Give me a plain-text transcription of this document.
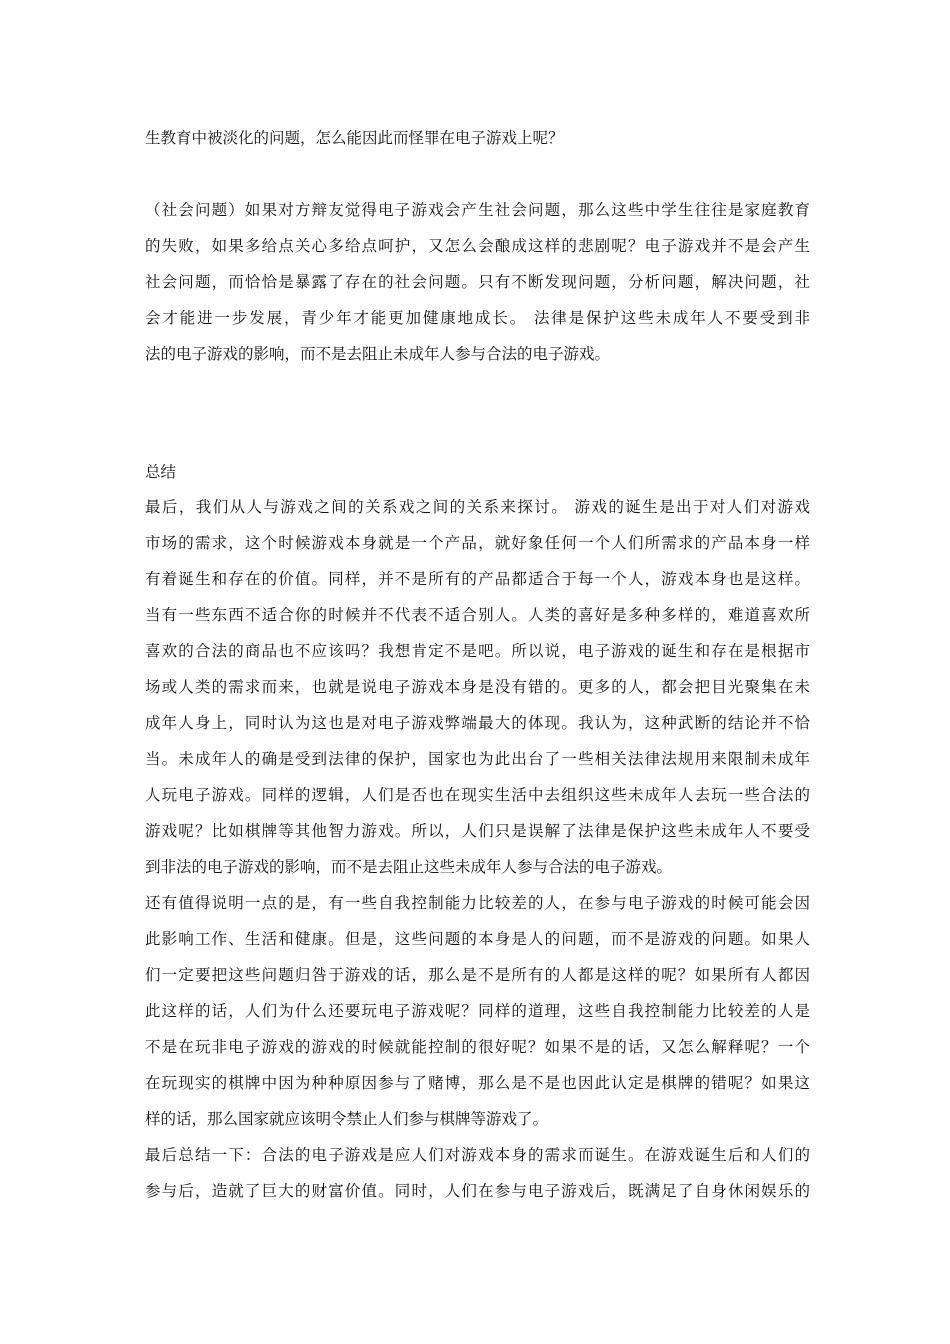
生教育中被淡化的问题，怎么能因此而怪罪在电子游戏上呢？
（社会问题）如果对方辩友觉得电子游戏会产生社会问题，那么这些中学生往往是家庭教育
的失败，如果多给点关心多给点呵护，又怎么会酿成这样的悲剧呢？电子游戏并不是会产生
社会问题，而恰恰是暴露了存在的社会问题。只有不断发现问题，分析问题，解决问题，社
会才能进一步发展，青少年才能更加健康地成长。 法律是保护这些未成年人不要受到非
法的电子游戏的影响，而不是去阻止未成年人参与合法的电子游戏。
总结
最后，我们从人与游戏之间的关系戏之间的关系来探讨。 游戏的诞生是出于对人们对游戏
市场的需求，这个时候游戏本身就是一个产品，就好象任何一个人们所需求的产品本身一样
有着诞生和存在的价值。同样，并不是所有的产品都适合于每一个人，游戏本身也是这样。
当有一些东西不适合你的时候并不代表不适合别人。人类的喜好是多种多样的，难道喜欢所
喜欢的合法的商品也不应该吗？我想肯定不是吧。所以说，电子游戏的诞生和存在是根据市
场或人类的需求而来，也就是说电子游戏本身是没有错的。更多的人，都会把目光聚集在未
成年人身上，同时认为这也是对电子游戏弊端最大的体现。我认为，这种武断的结论并不恰
当。未成年人的确是受到法律的保护，国家也为此出台了一些相关法律法规用来限制未成年
人玩电子游戏。同样的逻辑，人们是否也在现实生活中去组织这些未成年人去玩一些合法的
游戏呢？比如棋牌等其他智力游戏。所以，人们只是误解了法律是保护这些未成年人不要受
到非法的电子游戏的影响，而不是去阻止这些未成年人参与合法的电子游戏。
还有值得说明一点的是，有一些自我控制能力比较差的人，在参与电子游戏的时候可能会因
此影响工作、生活和健康。但是，这些问题的本身是人的问题，而不是游戏的问题。如果人
们一定要把这些问题归咎于游戏的话，那么是不是所有的人都是这样的呢？如果所有人都因
此这样的话，人们为什么还要玩电子游戏呢？同样的道理，这些自我控制能力比较差的人是
不是在玩非电子游戏的游戏的时候就能控制的很好呢？如果不是的话，又怎么解释呢？一个
在玩现实的棋牌中因为种种原因参与了赌博，那么是不是也因此认定是棋牌的错呢？如果这
样的话，那么国家就应该明令禁止人们参与棋牌等游戏了。
最后总结一下：合法的电子游戏是应人们对游戏本身的需求而诞生。在游戏诞生后和人们的
参与后，造就了巨大的财富价值。同时，人们在参与电子游戏后，既满足了自身休闲娱乐的
